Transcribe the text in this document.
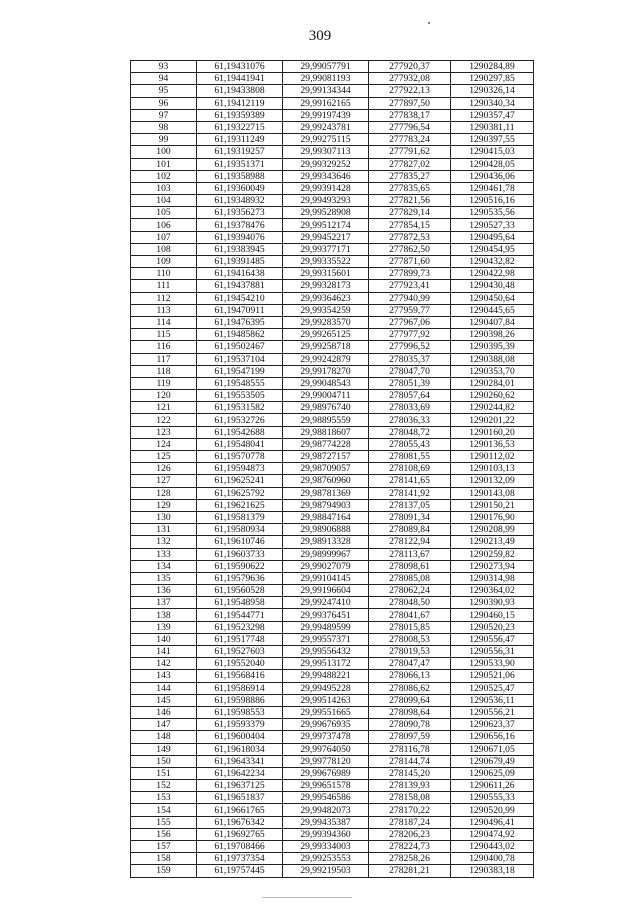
309
93	61,19431076	29,99057791	277920,37	1290284,89
94	61,19441941	29,99081193	277932,08	1290297,85
95	61,19433808	29,99134344	277922,13	1290326,14
96	61,19412119	29,99162165	277897,50	1290340,34
97	61,19359389	29,99197439	277838,17	1290357,47
98	61,19322715	29,99243781	277796,54	1290381,11
99	61,19311249	29,99275115	277783,24	1290397,55
100	61,19319257	29,99307113	277791,62	1290415,03
101	61,19351371	29,99329252	277827,02	1290428,05
102	61,19358988	29,99343646	277835,27	1290436,06
103	61,19360049	29,99391428	277835,65	1290461,78
104	61,19348932	29,99493293	277821,56	1290516,16
105	61,19356273	29,99528908	277829,14	1290535,56
106	61,19378476	29,99512174	277854,15	1290527,33
107	61,19394076	29,99452217	277872,53	1290495,64
108	61,19383945	29,99377171	277862,50	1290454,95
109	61,19391485	29,99335522	277871,60	1290432,82
110	61,19416438	29,99315601	277899,73	1290422,98
111	61,19437881	29,99328173	277923,41	1290430,48
112	61,19454210	29,99364623	277940,99	1290450,64
113	61,19470911	29,99354259	277959,77	1290445,65
114	61,19476395	29,99283570	277967,06	1290407,84
115	61,19485862	29,99265125	277977,92	1290398,26
116	61,19502467	29,99258718	277996,52	1290395,39
117	61,19537104	29,99242879	278035,37	1290388,08
118	61,19547199	29,99178270	278047,70	1290353,70
119	61,19548555	29,99048543	278051,39	1290284,01
120	61,19553505	29,99004711	278057,64	1290260,62
121	61,19531582	29,98976740	278033,69	1290244,82
122	61,19532726	29,98895559	278036,33	1290201,22
123	61,19542688	29,98818607	278048,72	1290160,20
124	61,19548041	29,98774228	278055,43	1290136,53
125	61,19570778	29,98727157	278081,55	1290112,02
126	61,19594873	29,98709057	278108,69	1290103,13
127	61,19625241	29,98760960	278141,65	1290132,09
128	61,19625792	29,98781369	278141,92	1290143,08
129	61,19621625	29,98794903	278137,05	1290150,21
130	61,19581379	29,98847164	278091,34	1290176,90
131	61,19580934	29,98906888	278089,84	1290208,99
132	61,19610746	29,98913328	278122,94	1290213,49
133	61,19603733	29,98999967	278113,67	1290259,82
134	61,19590622	29,99027079	278098,61	1290273,94
135	61,19579636	29,99104145	278085,08	1290314,98
136	61,19560528	29,99196604	278062,24	1290364,02
137	61,19548958	29,99247410	278048,50	1290390,93
138	61,19544771	29,99376451	278041,67	1290460,15
139	61,19523298	29,99489599	278015,85	1290520,23
140	61,19517748	29,99557371	278008,53	1290556,47
141	61,19527603	29,99556432	278019,53	1290556,31
142	61,19552040	29,99513172	278047,47	1290533,90
143	61,19568416	29,99488221	278066,13	1290521,06
144	61,19586914	29,99495228	278086,62	1290525,47
145	61,19598886	29,99514263	278099,64	1290536,11
146	61,19598553	29,99551665	278098,64	1290556,21
147	61,19593379	29,99676935	278090,78	1290623,37
148	61,19600404	29,99737478	278097,59	1290656,16
149	61,19618034	29,99764050	278116,78	1290671,05
150	61,19643341	29,99778120	278144,74	1290679,49
151	61,19642234	29,99676989	278145,20	1290625,09
152	61,19637125	29,99651578	278139,93	1290611,26
153	61,19651837	29,99546586	278158,08	1290555,33
154	61,19661765	29,99482073	278170,22	1290520,99
155	61,19676342	29,99435387	278187,24	1290496,41
156	61,19692765	29,99394360	278206,23	1290474,92
157	61,19708466	29,99334003	278224,73	1290443,02
158	61,19737354	29,99253553	278258,26	1290400,78
159	61,19757445	29,99219503	278281,21	1290383,18
